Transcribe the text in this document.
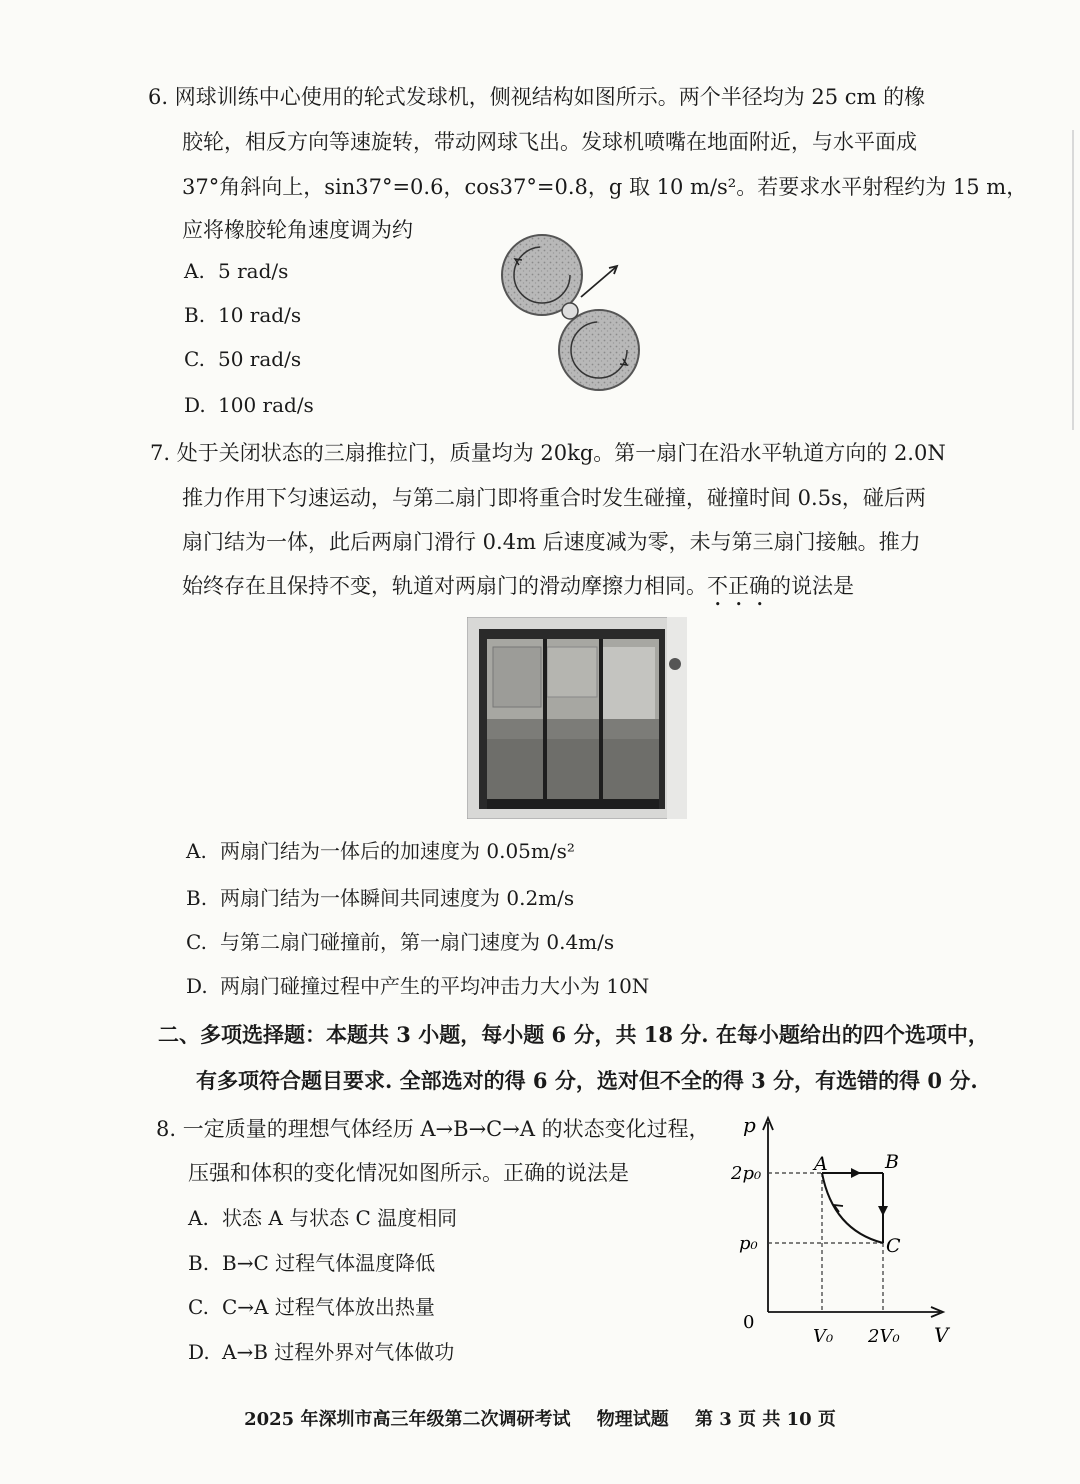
6. 网球训练中心使用的轮式发球机，侧视结构如图所示。两个半径均为 25 cm 的橡
胶轮，相反方向等速旋转，带动网球飞出。发球机喷嘴在地面附近，与水平面成
37°角斜向上，sin37°=0.6，cos37°=0.8，g 取 10 m/s²。若要求水平射程约为 15 m，
应将橡胶轮角速度调为约
A. 5 rad/s
B. 10 rad/s
C. 50 rad/s
D. 100 rad/s
7. 处于关闭状态的三扇推拉门，质量均为 20kg。第一扇门在沿水平轨道方向的 2.0N
推力作用下匀速运动，与第二扇门即将重合时发生碰撞，碰撞时间 0.5s，碰后两
扇门结为一体，此后两扇门滑行 0.4m 后速度减为零，未与第三扇门接触。推力
始终存在且保持不变，轨道对两扇门的滑动摩擦力相同。不正确的说法是
A. 两扇门结为一体后的加速度为 0.05m/s²
B. 两扇门结为一体瞬间共同速度为 0.2m/s
C. 与第二扇门碰撞前，第一扇门速度为 0.4m/s
D. 两扇门碰撞过程中产生的平均冲击力大小为 10N
二、多项选择题：本题共 3 小题，每小题 6 分，共 18 分. 在每小题给出的四个选项中，
有多项符合题目要求. 全部选对的得 6 分，选对但不全的得 3 分，有选错的得 0 分.
8. 一定质量的理想气体经历 A→B→C→A 的状态变化过程，
压强和体积的变化情况如图所示。正确的说法是
A. 状态 A 与状态 C 温度相同
B. B→C 过程气体温度降低
C. C→A 过程气体放出热量
D. A→B 过程外界对气体做功
p
V
0
2p₀
p₀
V₀ 2V₀
A	B
C
2025 年深圳市高三年级第二次调研考试 物理试题 第 3 页 共 10 页
